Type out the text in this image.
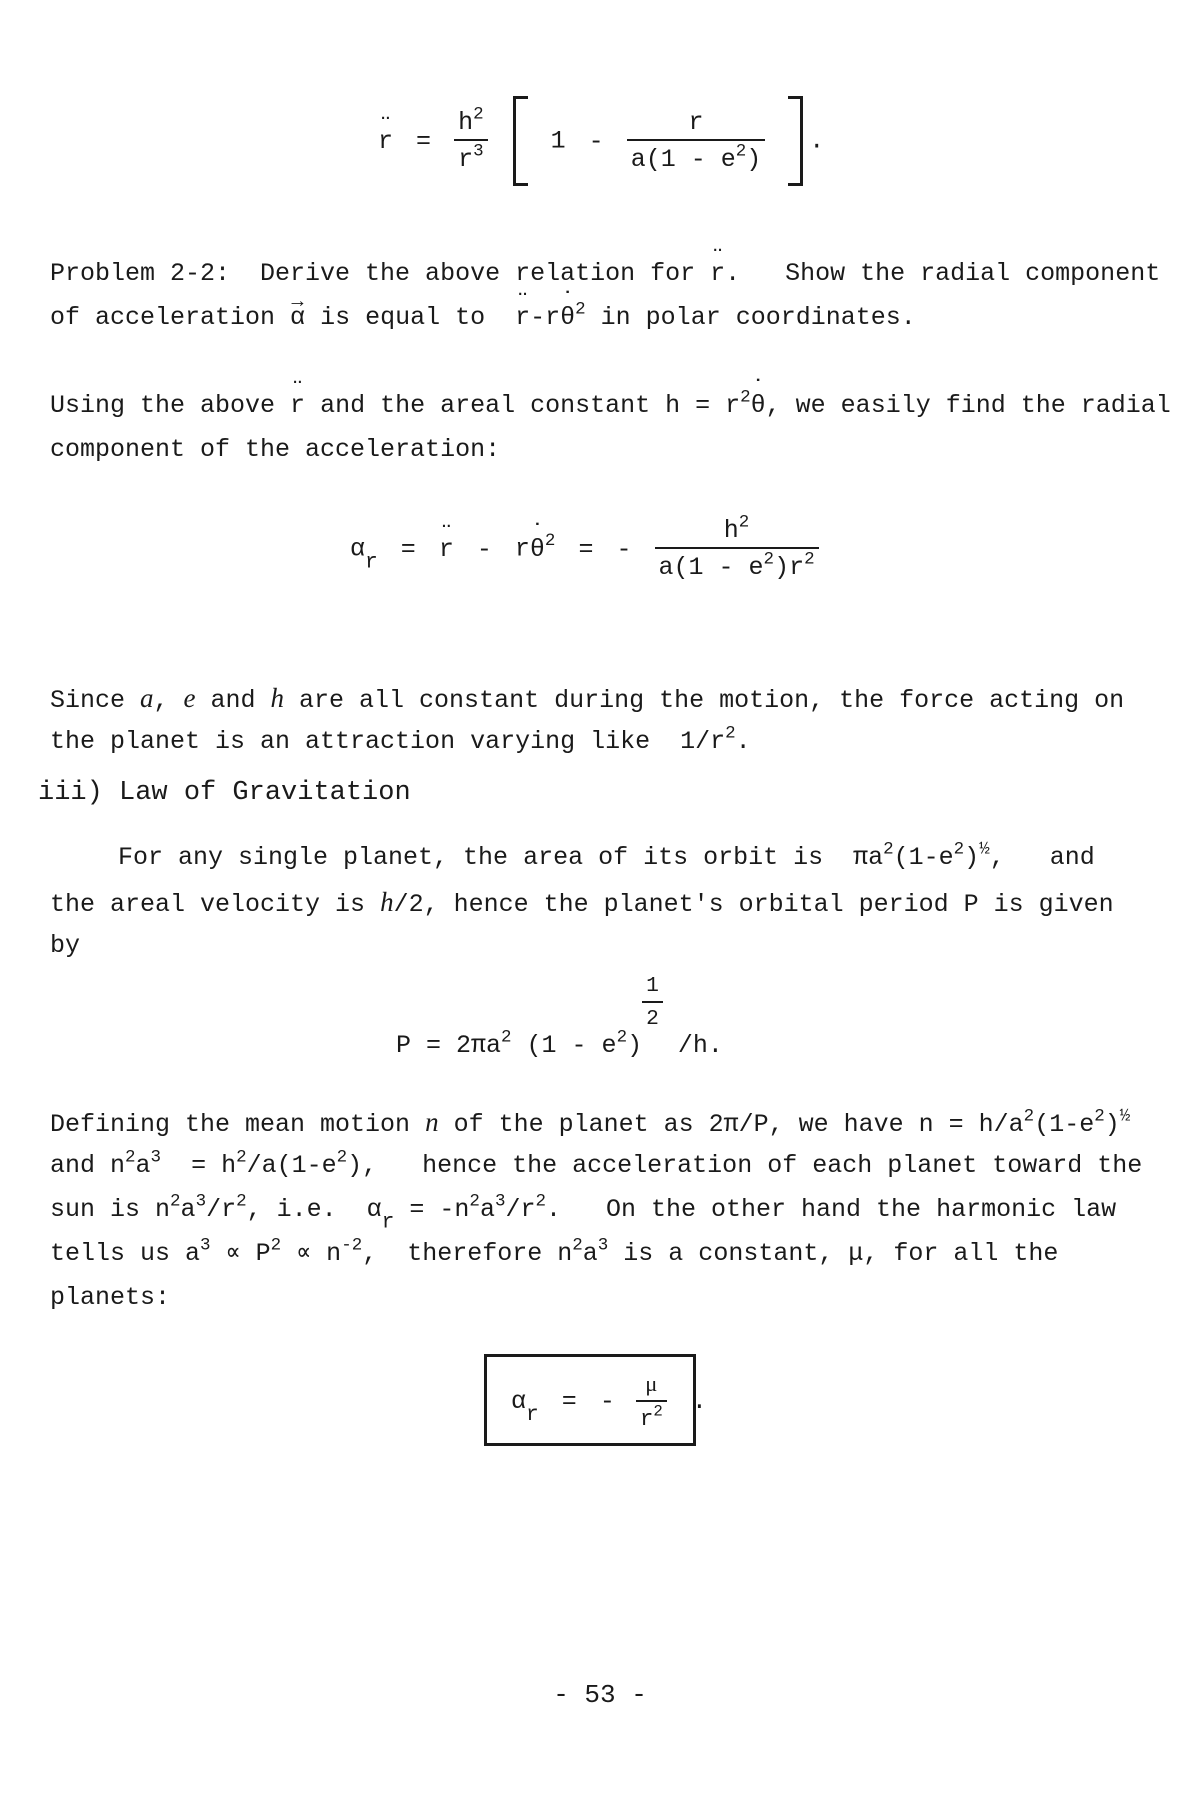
¨ $r = \frac{h^2}{r^3}$	$1 - \frac{r}{a(1 - e^2)}$ .
Problem 2-2:  Derive the above relation for ¨ r.   Show the radial component
of acceleration → α is equal to  ¨ r-r˙ $\theta^2$ in polar coordinates.
Using the above ¨ r and the areal constant $h = r^2˙$ θ, we easily find the radial
component of the acceleration:
$\alpha_r$ = ¨ r - r˙ $\theta^2$ = - $\frac{h^2}{a(1 - e^2)r^2}$
Since a, e and h are all constant during the motion, the force acting on
the planet is an attraction varying like  $1/r^2$.
iii) Law of Gravitation
For any single planet, the area of its orbit is  $\pi a^2(1-e^2)^{\frac{1}{2}}$,   and
the areal velocity is h/2, hence the planet's orbital period P is given
by
$P = 2\pi a^2$ $(1 - e^2)$
$\frac{1}{2}$
/h.
Defining the mean motion n of the planet as 2π/P, we have $n = h/a^2(1-e^2)^{\frac{1}{2}}$
and $n^2a^3 = h^2/a(1-e^2)$,   hence the acceleration of each planet toward the
sun is $n^2a^3/r^2$, i.e.  $\alpha_r = -n^2a^3/r^2$.   On the other hand the harmonic law
tells us $a^3 \propto P^2 \propto n^{-2}$,  therefore $n^2a^3$ is a constant, μ, for all the
planets:
$\alpha_r$ = - $\frac{\mu}{r^2}$ .
- 53 -
